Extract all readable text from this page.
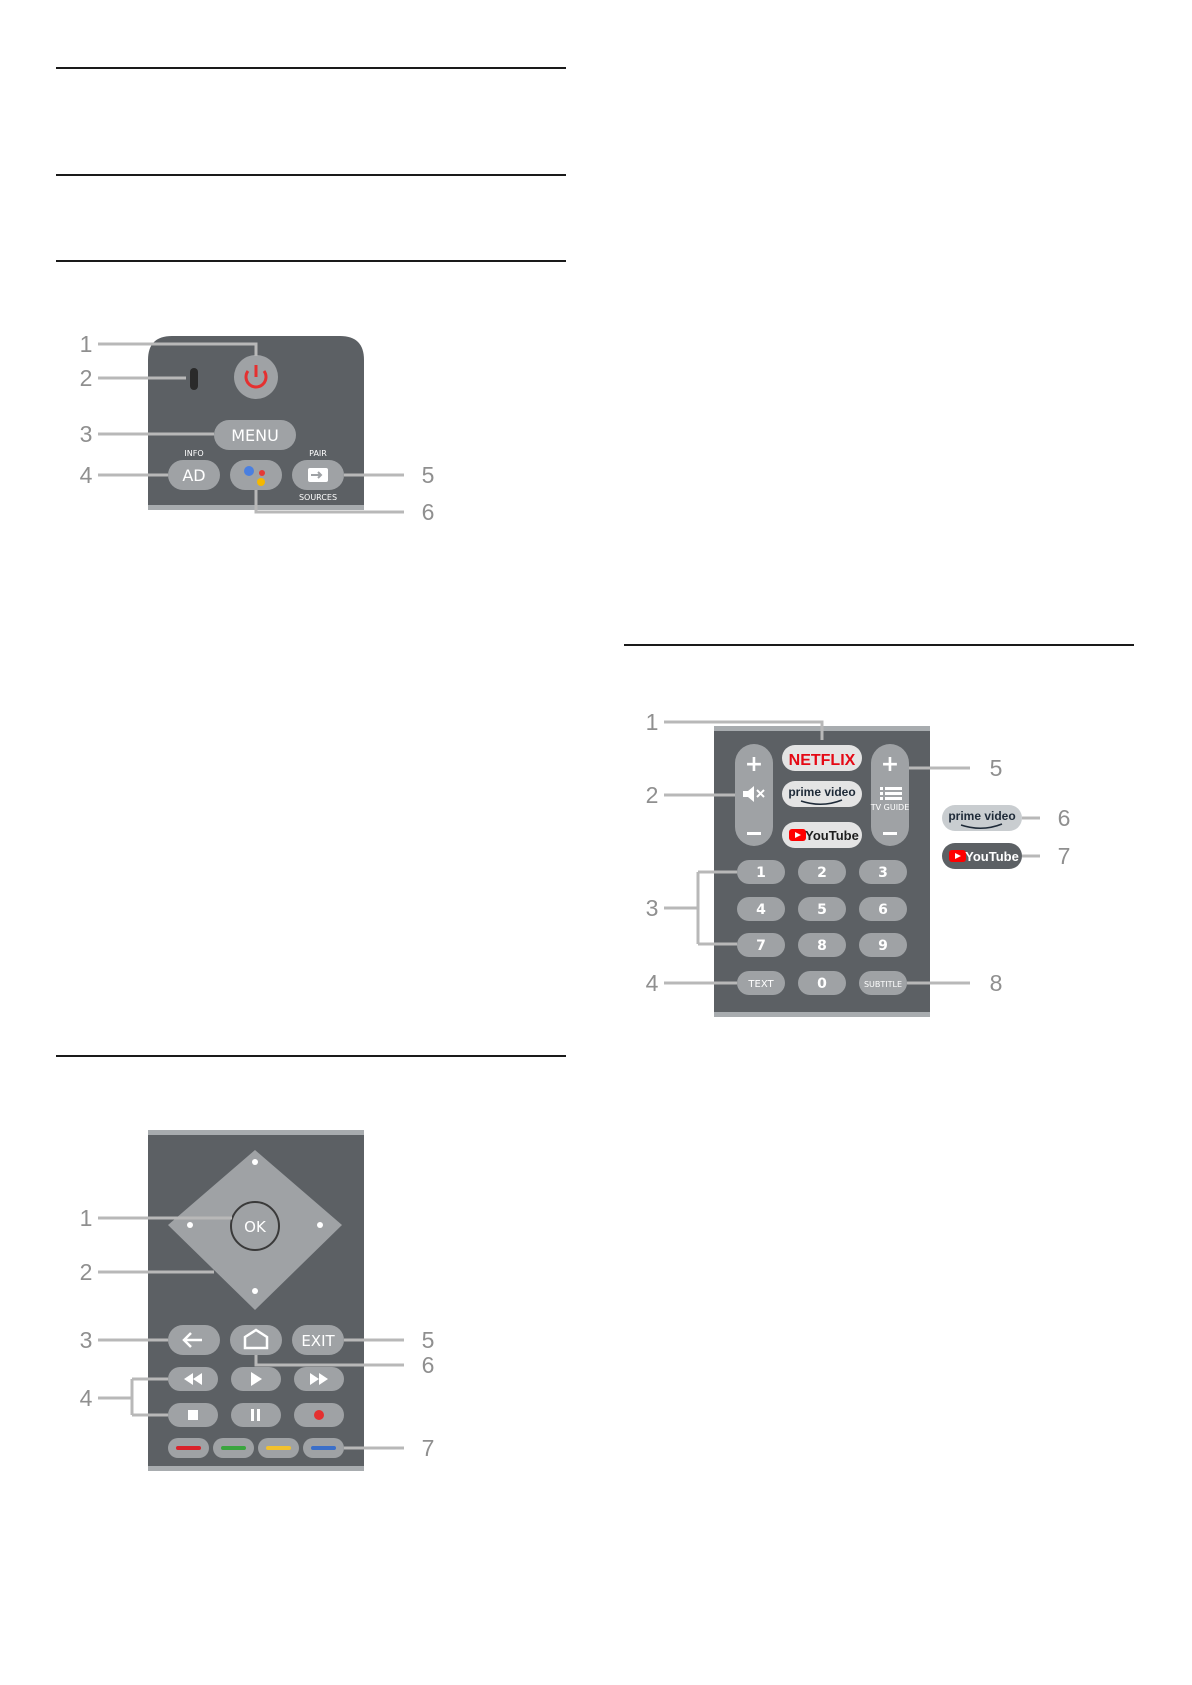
MENU
INFO
AD
PAIR
SOURCES
1
2
3
4	5
6
OK
EXIT
1
2
3
4
5
6
7
+	+
TV GUIDE
NETFLIX
prime video
YouTube
1	2	3
4	5	6
7	8	9
TEXT	0	SUBTITLE
prime video
YouTube
1
2
3
4
5
6
7
8
